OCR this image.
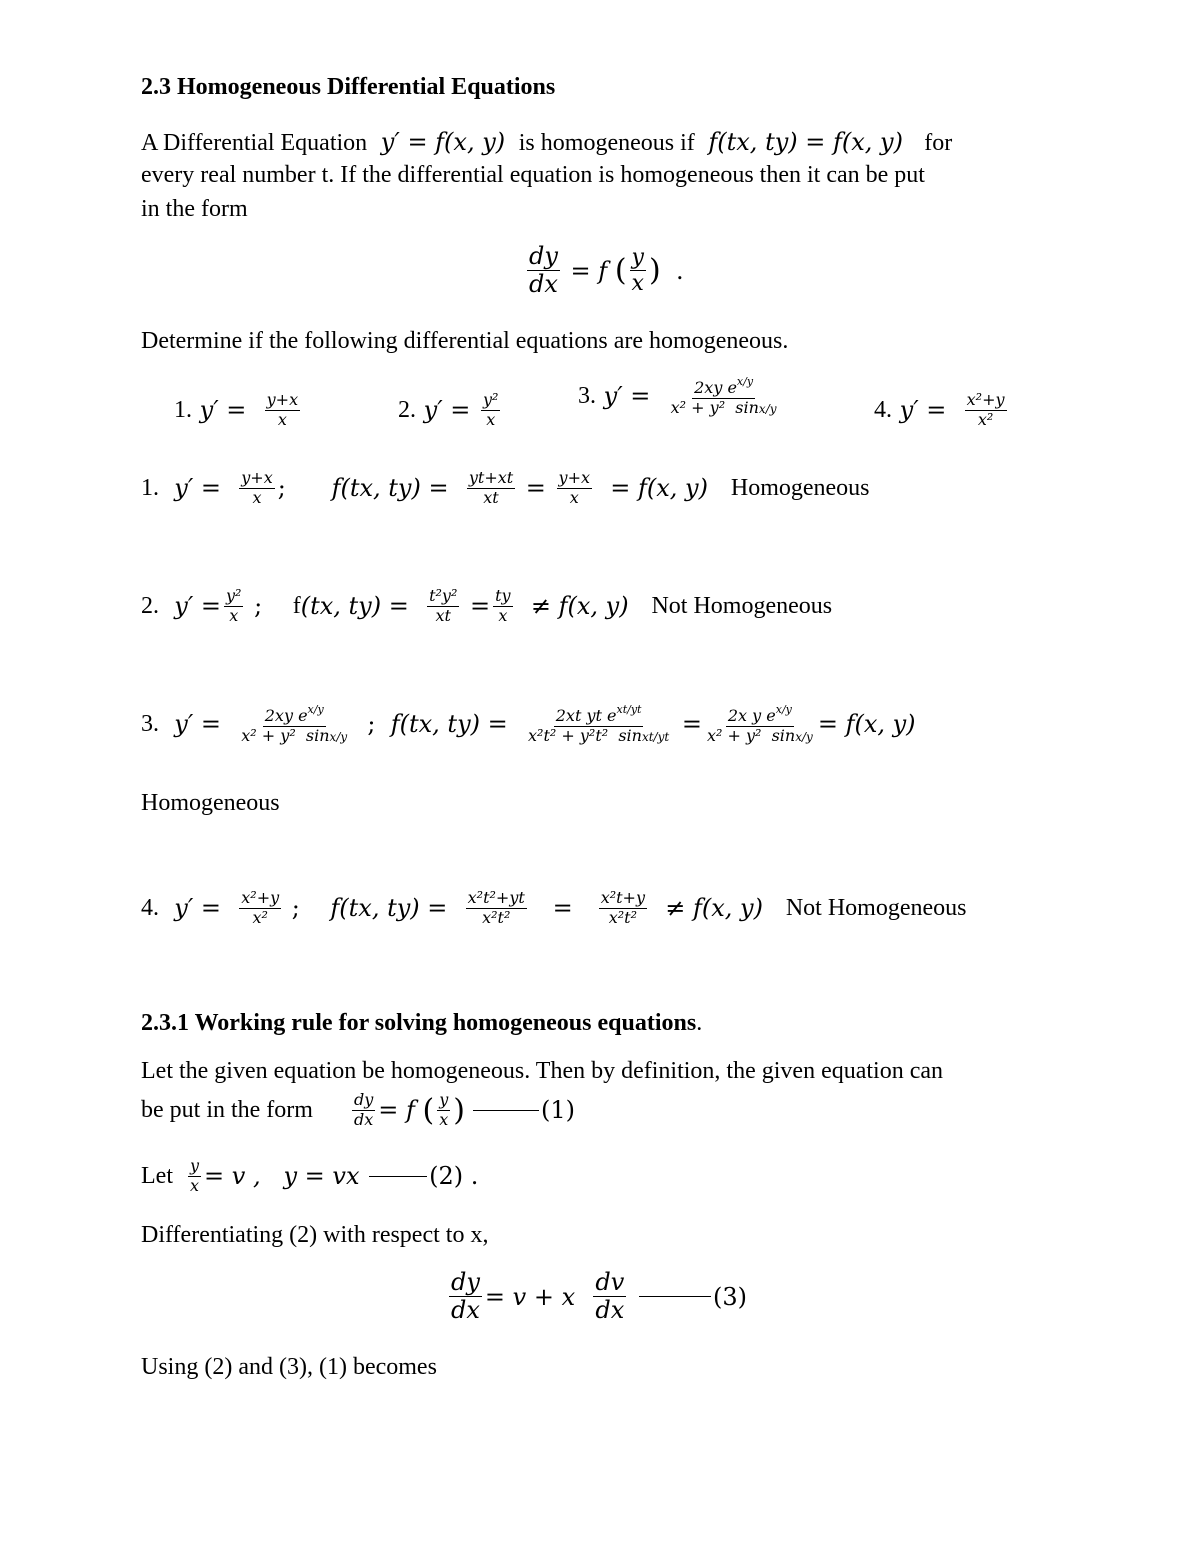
2.3 Homogeneous Differential Equations
A Differential Equation  y′ = f(x, y)  is homogeneous if  f(tx, ty) = f(x, y)   for
every real number t. If the differential equation is homogeneous then it can be put
in the form
$\frac{dy}{dx} = f$ ( $\frac{y}{x}$ ) .
Determine if the following differential equations are homogeneous.
1. $y' = \frac{y+x}{x}$	2. $y' = \frac{\text{y²}}{x}$	3. $y' = \frac{2xy e^{x/y}}{\text{x² + y²  sinx/y}}$	4. $y' = \frac{\text{x²+y}}{\text{x²}}$
1. $y' = \frac{y+x}{x}$ ; f(tx, $ty) = \frac{yt+xt}{xt} = \frac{y+x}{x} = f(x$, y) Homogeneous
2. $y' = \frac{\text{y²}}{x}$ ; f (tx, $ty) = \frac{\text{t²y²}}{xt} = \frac{ty}{x} \ne f(x$, y) Not Homogeneous
3. $y' = \frac{2xy e^{x/y}}{\text{x² + y²  sinx/y}}$ ; f(tx, $ty) = \frac{2xt yt e^{xt/yt}}{\text{x²t² + y²t²  sinxt/yt}} = \frac{2x y e^{x/y}}{\text{x² + y²  sinx/y}} = f(x$, y)
Homogeneous
4. $y' = \frac{\text{x²+y}}{\text{x²}}$ ; f(tx, $ty) = \frac{\text{x²t²+yt}}{\text{x²t²}} = \frac{\text{x²t+y}}{\text{x²t²}} \ne f(x$, y) Not Homogeneous
2.3.1 Working rule for solving homogeneous equations.
Let the given equation be homogeneous. Then by definition, the given equation can
be put in the form
$\frac{dy}{dx} = f$ ( $\frac{y}{x}$ )
	(1)
Let
$\frac{y}{x} = v$ ,   y = vx	(2) .
Differentiating (2) with respect to x,
$\frac{dy}{dx} = v + x \frac{dv}{dx}$
	(3)
Using (2) and (3), (1) becomes
